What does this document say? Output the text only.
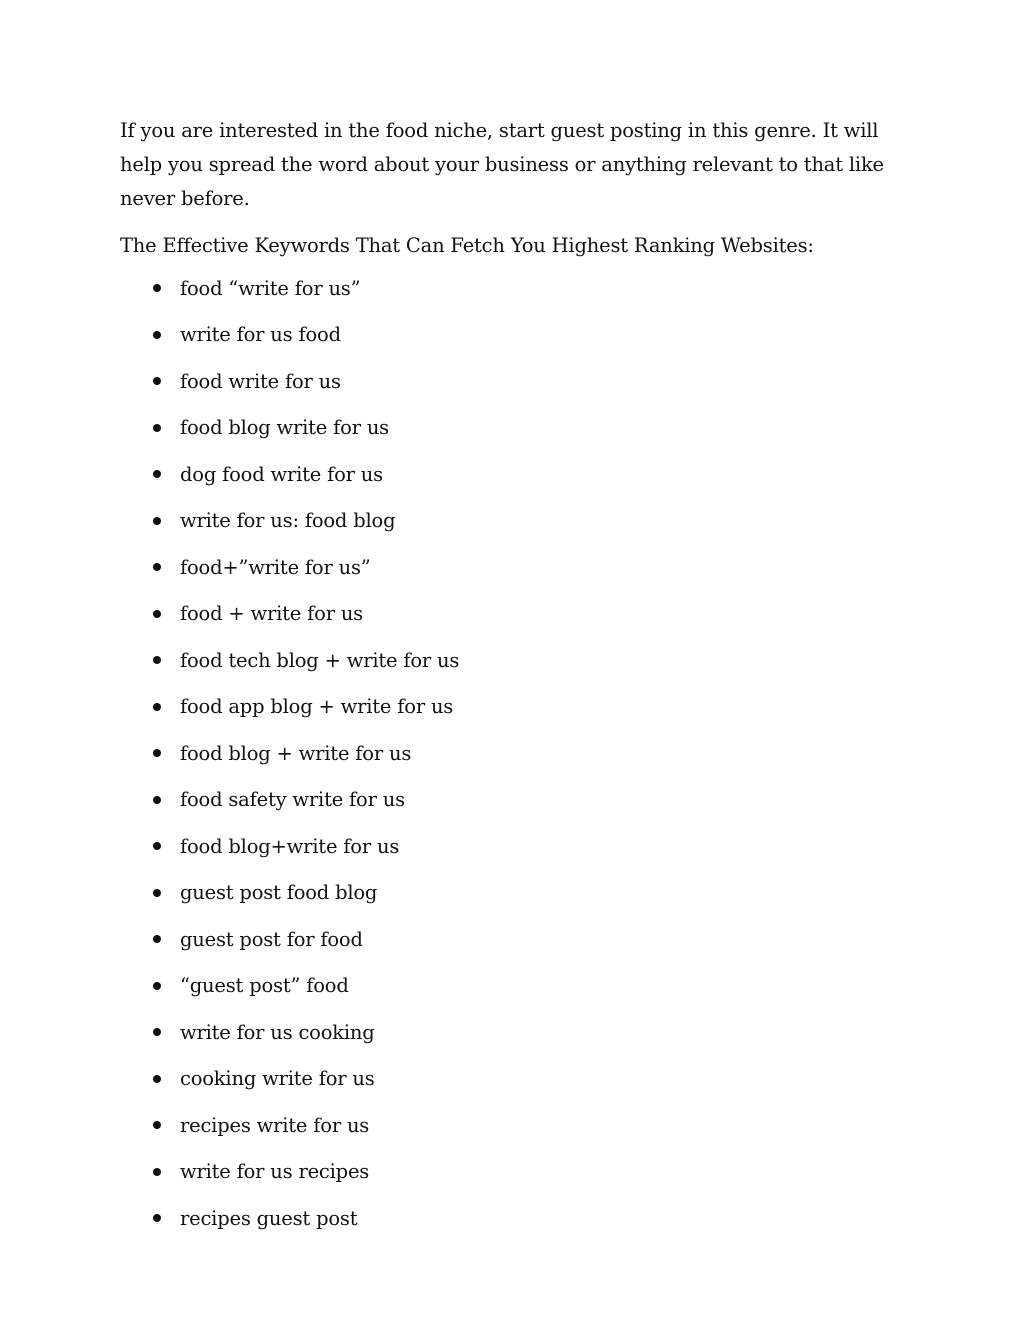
If you are interested in the food niche, start guest posting in this genre. It will help you spread the word about your business or anything relevant to that like never before.

The Effective Keywords That Can Fetch You Highest Ranking Websites:

food “write for us”
write for us food
food write for us
food blog write for us
dog food write for us
write for us: food blog
food+”write for us”
food + write for us
food tech blog + write for us
food app blog + write for us
food blog + write for us
food safety write for us
food blog+write for us
guest post food blog
guest post for food
“guest post” food
write for us cooking
cooking write for us
recipes write for us
write for us recipes
recipes guest post
